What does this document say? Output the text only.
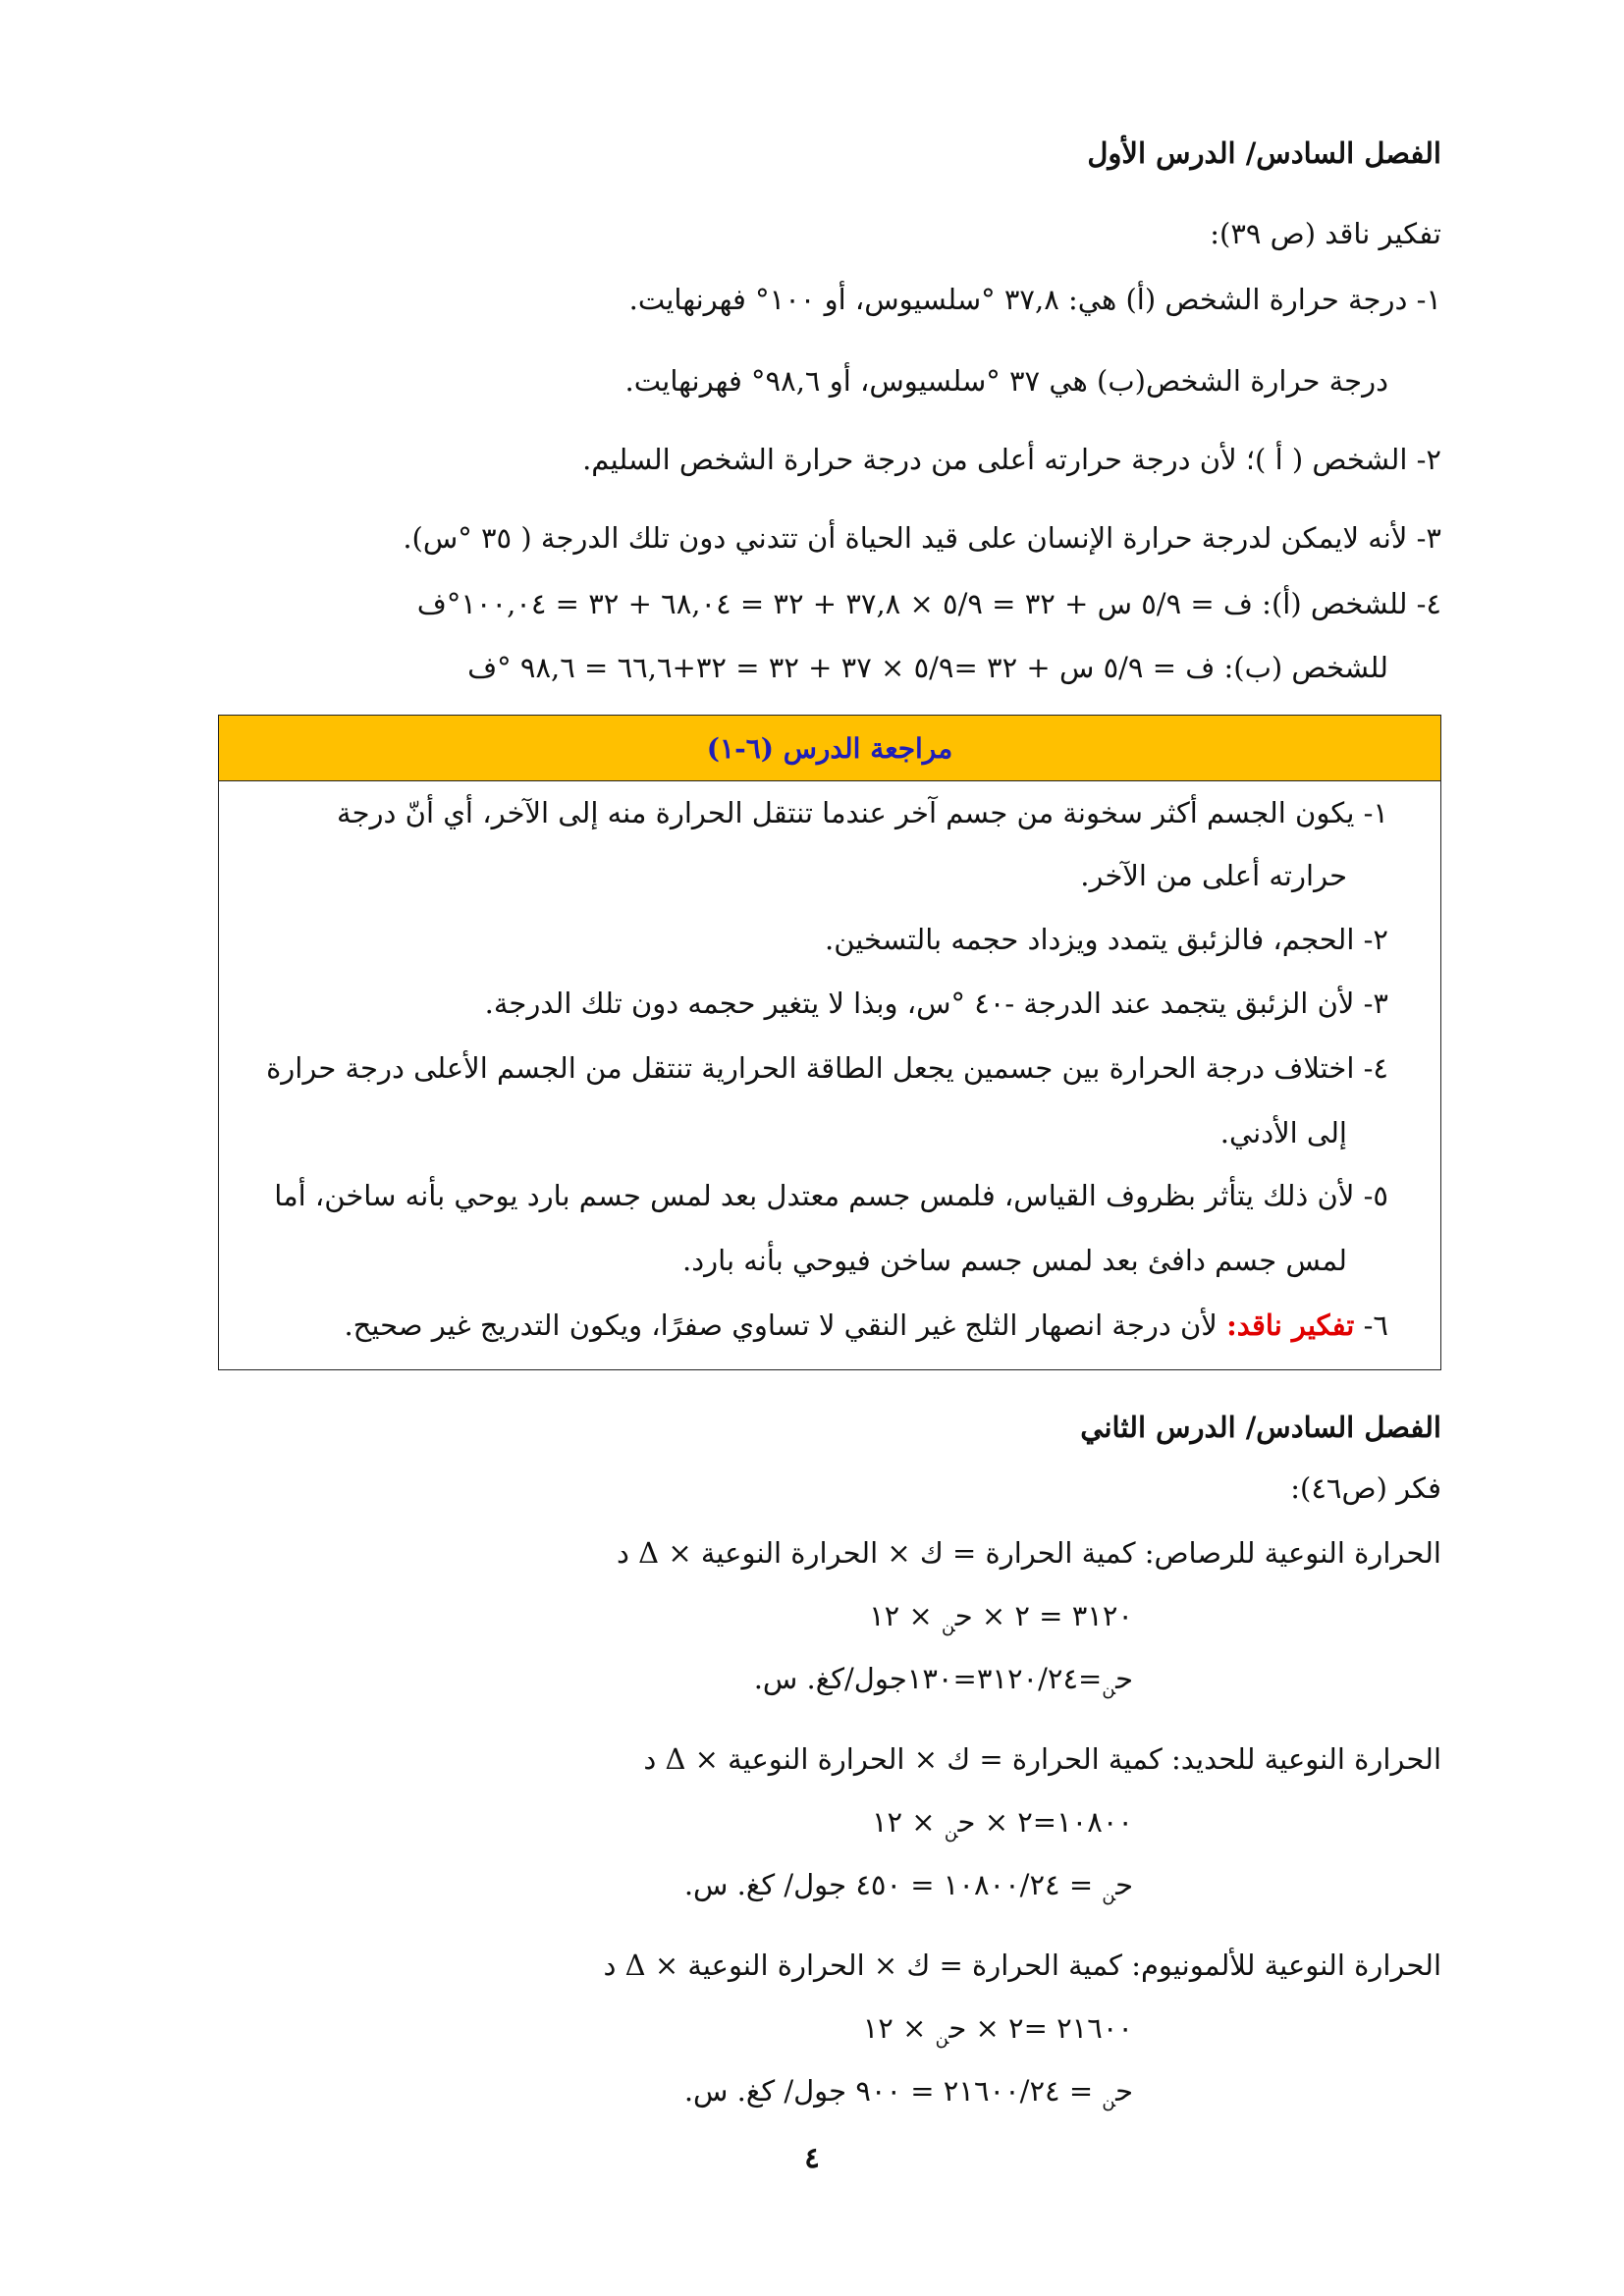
الفصل السادس/ الدرس الأول
تفكير ناقد (ص ٣٩):
١- درجة حرارة الشخص (أ) هي: ٣٧,٨ °سلسيوس، أو ١٠٠° فهرنهايت.
درجة حرارة الشخص(ب) هي ٣٧ °سلسيوس، أو ٩٨,٦° فهرنهايت.
٢- الشخص ( أ )؛ لأن درجة حرارته أعلى من درجة حرارة الشخص السليم.
٣- لأنه لايمكن لدرجة حرارة الإنسان على قيد الحياة أن تتدني دون تلك الدرجة ( ٣٥ °س).
٤- للشخص (أ): ف = ٥/٩ س + ٣٢ = ٥/٩ × ٣٧,٨ + ٣٢ = ٦٨,٠٤ + ٣٢ = ١٠٠,٠٤°ف
للشخص (ب): ف = ٥/٩ س + ٣٢ =٥/٩ × ٣٧ + ٣٢ = ٣٢+٦٦,٦ = ٩٨,٦ °ف
مراجعة الدرس (٦-١)
١- يكون الجسم أكثر سخونة من جسم آخر عندما تنتقل الحرارة منه إلى الآخر، أي أنّ درجة
حرارته أعلى من الآخر.
٢- الحجم، فالزئبق يتمدد ويزداد حجمه بالتسخين.
٣- لأن الزئبق يتجمد عند الدرجة -٤٠ °س، وبذا لا يتغير حجمه دون تلك الدرجة.
٤- اختلاف درجة الحرارة بين جسمين يجعل الطاقة الحرارية تنتقل من الجسم الأعلى درجة حرارة
إلى الأدني.
٥- لأن ذلك يتأثر بظروف القياس، فلمس جسم معتدل بعد لمس جسم بارد يوحي بأنه ساخن، أما
لمس جسم دافئ بعد لمس جسم ساخن فيوحي بأنه بارد.
٦- تفكير ناقد: لأن درجة انصهار الثلج غير النقي لا تساوي صفرًا، ويكون التدريج غير صحيح.
الفصل السادس/ الدرس الثاني
فكر (ص٤٦):
الحرارة النوعية للرصاص: كمية الحرارة = ك × الحرارة النوعية × Δ د
٣١٢٠ = ٢ × ح$_ن$ × ١٢
ح$_ن$=٣١٢٠/٢٤=١٣٠جول/كغ. س.
الحرارة النوعية للحديد: كمية الحرارة = ك × الحرارة النوعية × Δ د
١٠٨٠٠=٢ × ح$_ن$ × ١٢
ح$_ن$ = ١٠٨٠٠/٢٤ = ٤٥٠ جول/ كغ. س.
الحرارة النوعية للألمونيوم: كمية الحرارة = ك × الحرارة النوعية × Δ د
٢١٦٠٠ =٢ × ح$_ن$ × ١٢
ح$_ن$ = ٢١٦٠٠/٢٤ = ٩٠٠ جول/ كغ. س.
٤
